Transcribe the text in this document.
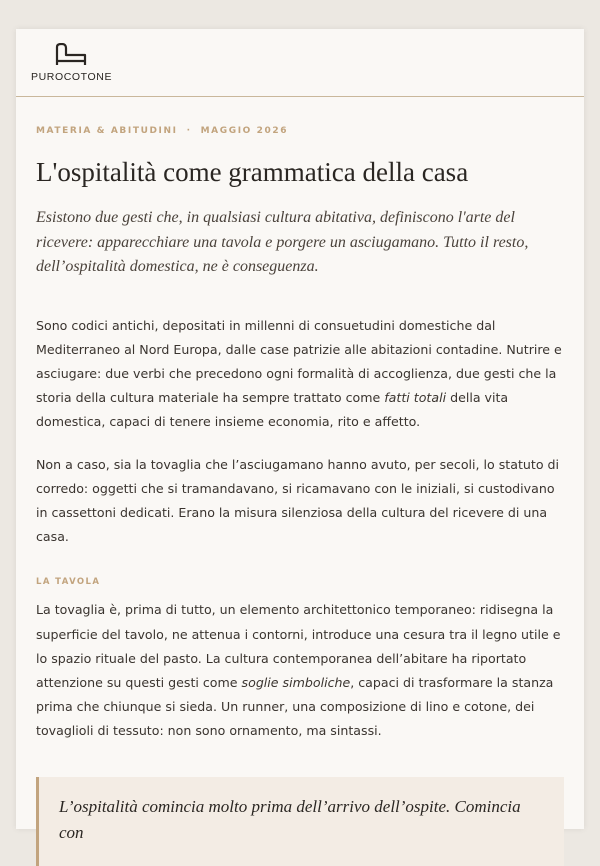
PUROCOTONE
MATERIA & ABITUDINI · MAGGIO 2026
L'ospitalità come grammatica della casa

Esistono due gesti che, in qualsiasi cultura abitativa, definiscono l'arte del ricevere: apparecchiare una tavola e porgere un asciugamano. Tutto il resto, dell’ospitalità domestica, ne è conseguenza.

Sono codici antichi, depositati in millenni di consuetudini domestiche dal Mediterraneo al Nord Europa, dalle case patrizie alle abitazioni contadine. Nutrire e asciugare: due verbi che precedono ogni formalità di accoglienza, due gesti che la storia della cultura materiale ha sempre trattato come fatti totali della vita domestica, capaci di tenere insieme economia, rito e affetto.

Non a caso, sia la tovaglia che l’asciugamano hanno avuto, per secoli, lo statuto di corredo: oggetti che si tramandavano, si ricamavano con le iniziali, si custodivano in cassettoni dedicati. Erano la misura silenziosa della cultura del ricevere di una casa.

LA TAVOLA

La tovaglia è, prima di tutto, un elemento architettonico temporaneo: ridisegna la superficie del tavolo, ne attenua i contorni, introduce una cesura tra il legno utile e lo spazio rituale del pasto. La cultura contemporanea dell’abitare ha riportato attenzione su questi gesti come soglie simboliche, capaci di trasformare la stanza prima che chiunque si sieda. Un runner, una composizione di lino e cotone, dei tovaglioli di tessuto: non sono ornamento, ma sintassi.

L’ospitalità comincia molto prima dell’arrivo dell’ospite. Comincia con
